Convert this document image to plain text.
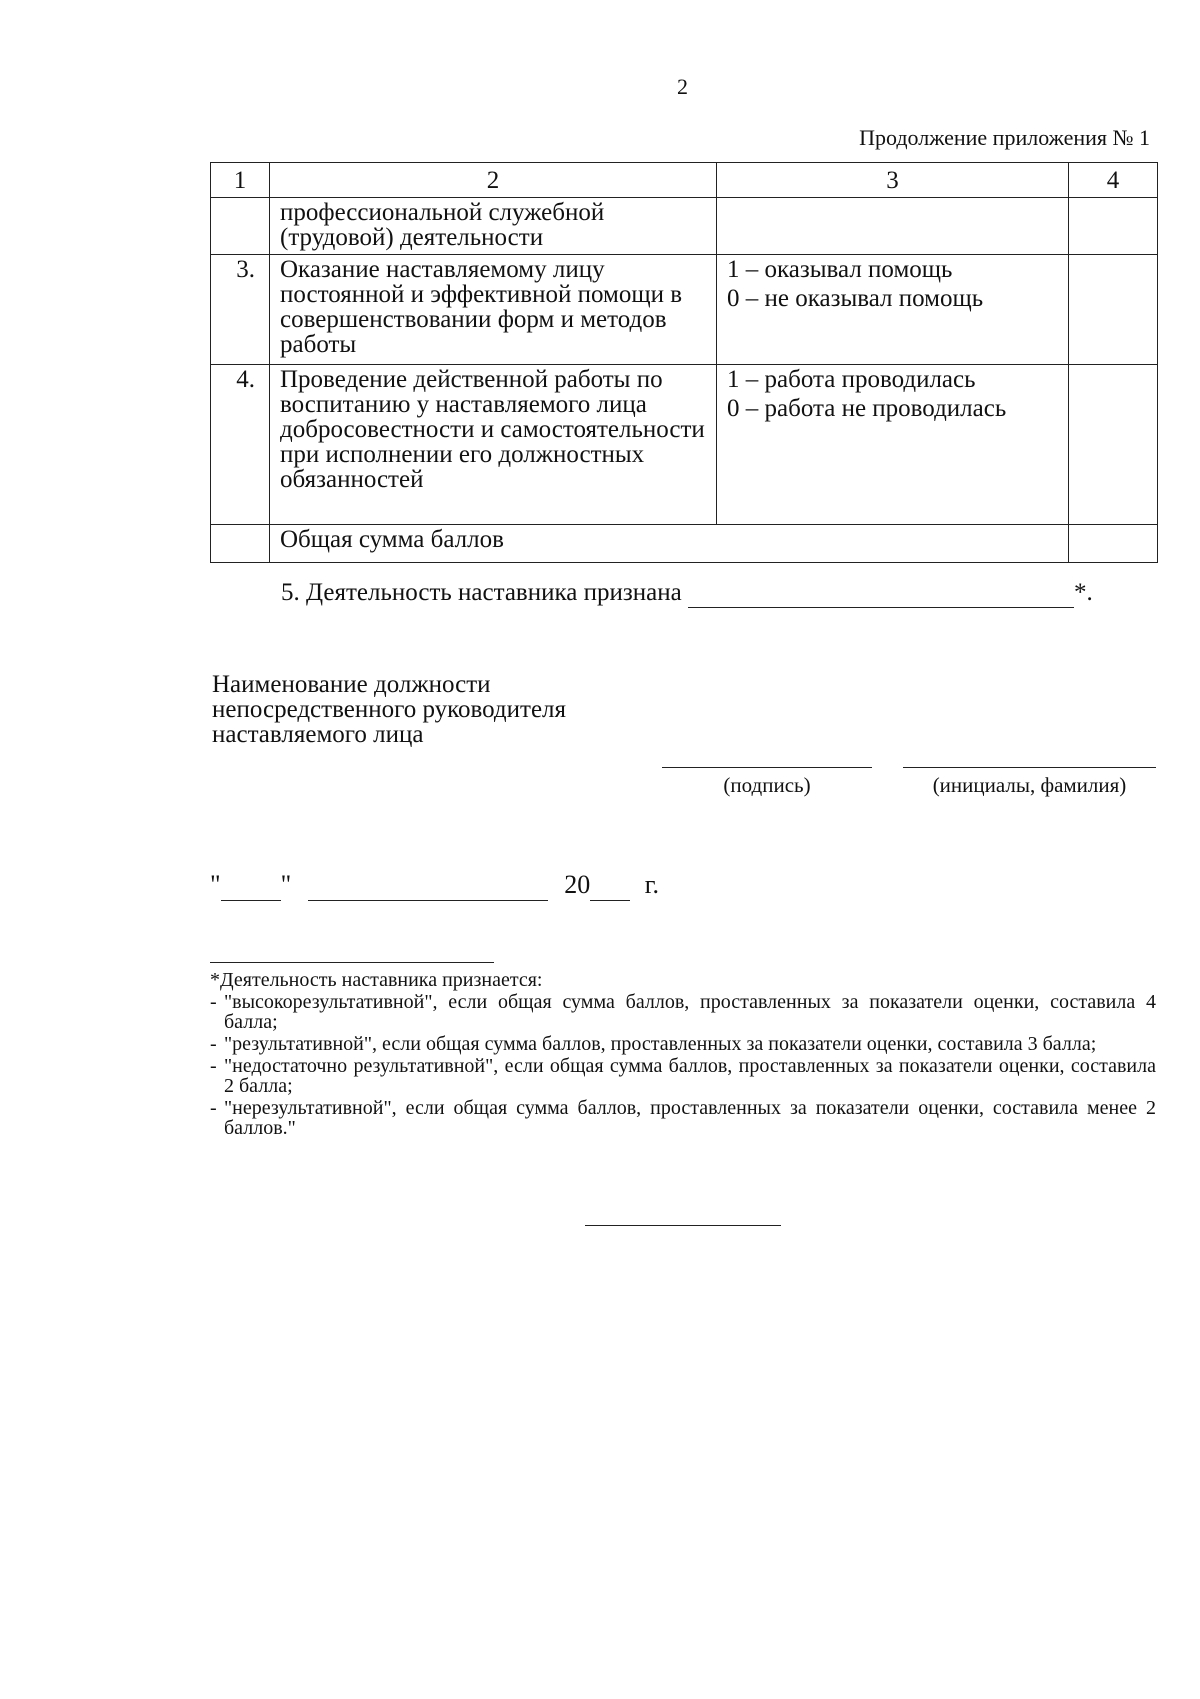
2
Продолжение приложения № 1
1	2	3	4
	профессиональной служебной (трудовой) деятельности		
3.	Оказание наставляемому лицу постоянной и эффективной помощи в совершенствовании форм и методов работы	1 – оказывал помощь
0 – не оказывал помощь	

4.	Проведение действенной работы по воспитанию у наставляемого лица добросовестности и самостоятельности при исполнении его должностных обязанностей	1 – работа проводилась
0 – работа не проводилась	

	Общая сумма баллов		
5. Деятельность наставника признана	*.
Наименование должности непосредственного руководителя наставляемого лица
(подпись)	(инициалы, фамилия)
" "	20 г.
*Деятельность наставника признается:
- "высокорезультативной", если общая сумма баллов, проставленных за показатели оценки, составила 4 балла;
- "результативной", если общая сумма баллов, проставленных за показатели оценки, составила 3 балла;
- "недостаточно результативной", если общая сумма баллов, проставленных за показатели оценки, составила 2 балла;
- "нерезультативной", если общая сумма баллов, проставленных за показатели оценки, составила менее 2 баллов."
